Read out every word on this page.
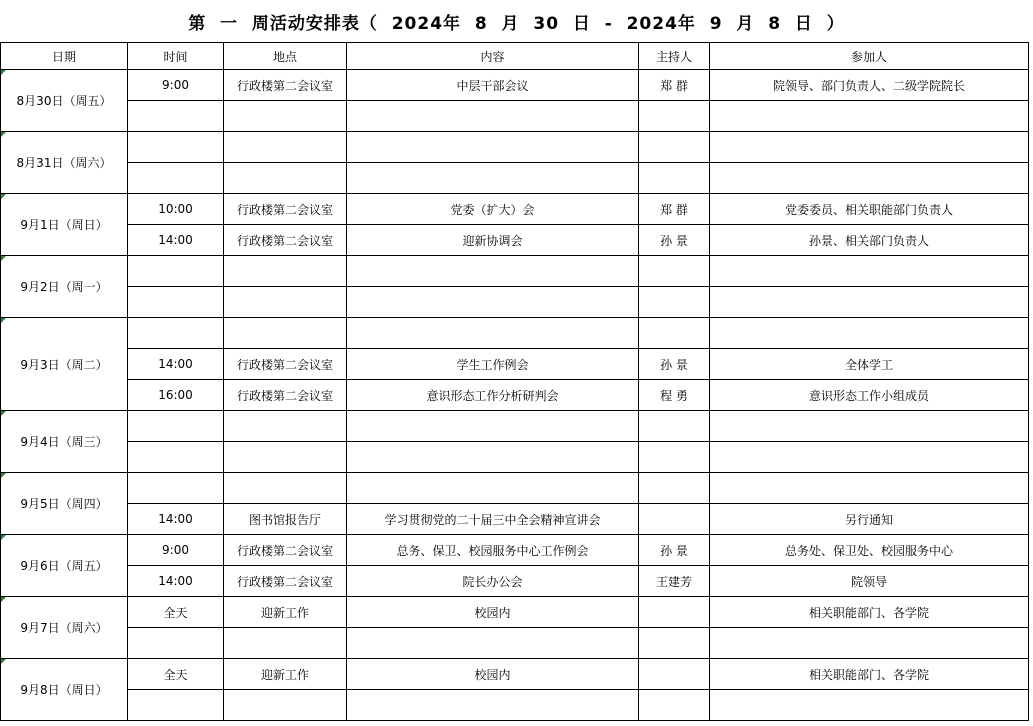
第  一  周活动安排表（  2024年  8  月  30  日  -  2024年  9  月  8  日  ）
日期	时间	地点	内容	主持人	参加人
8月30日（周五）	9:00	行政楼第二会议室	中层干部会议	郑 群	院领导、部门负责人、二级学院院长

8月31日（周六）					

9月1日（周日）	10:00	行政楼第二会议室	党委（扩大）会	郑 群	党委委员、相关职能部门负责人
	14:00	行政楼第二会议室	迎新协调会	孙 景	孙景、相关部门负责人
9月2日（周一）					

9月3日（周二）					
	14:00	行政楼第二会议室	学生工作例会	孙 景	全体学工
	16:00	行政楼第二会议室	意识形态工作分析研判会	程 勇	意识形态工作小组成员
9月4日（周三）					

9月5日（周四）					
	14:00	图书馆报告厅	学习贯彻党的二十届三中全会精神宣讲会		另行通知
9月6日（周五）	9:00	行政楼第二会议室	总务、保卫、校园服务中心工作例会	孙 景	总务处、保卫处、校园服务中心
	14:00	行政楼第二会议室	院长办公会	王建芳	院领导
9月7日（周六）	全天	迎新工作	校园内		相关职能部门、各学院

9月8日（周日）	全天	迎新工作	校园内		相关职能部门、各学院
